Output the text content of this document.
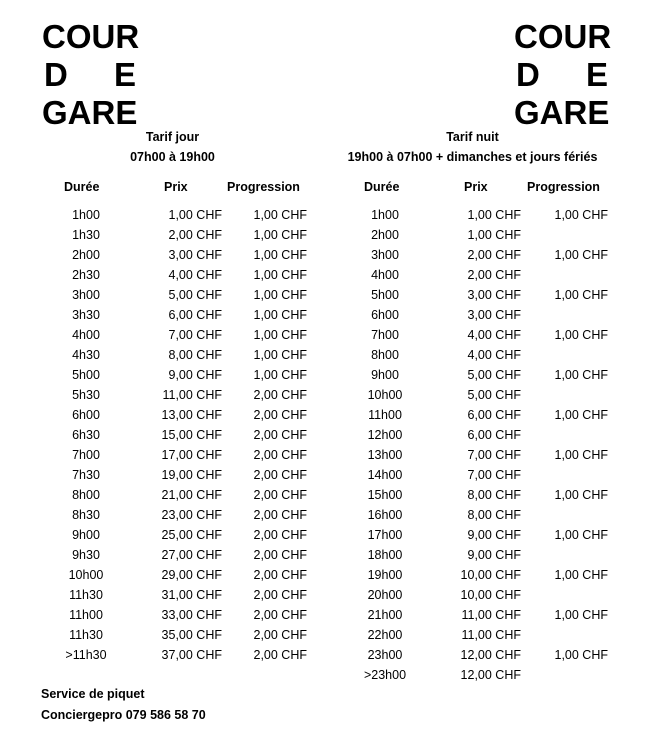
COUR
D E
GARE
COUR
D E
GARE
Tarif jour
07h00 à 19h00
Tarif nuit
19h00 à 07h00 + dimanches et jours fériés
Durée	Prix	Progression	Durée	Prix	Progression
1h00	1,00 CHF	1,00 CHF
1h30	2,00 CHF	1,00 CHF
2h00	3,00 CHF	1,00 CHF
2h30	4,00 CHF	1,00 CHF
3h00	5,00 CHF	1,00 CHF
3h30	6,00 CHF	1,00 CHF
4h00	7,00 CHF	1,00 CHF
4h30	8,00 CHF	1,00 CHF
5h00	9,00 CHF	1,00 CHF
5h30	11,00 CHF	2,00 CHF
6h00	13,00 CHF	2,00 CHF
6h30	15,00 CHF	2,00 CHF
7h00	17,00 CHF	2,00 CHF
7h30	19,00 CHF	2,00 CHF
8h00	21,00 CHF	2,00 CHF
8h30	23,00 CHF	2,00 CHF
9h00	25,00 CHF	2,00 CHF
9h30	27,00 CHF	2,00 CHF
10h00	29,00 CHF	2,00 CHF
11h30	31,00 CHF	2,00 CHF
11h00	33,00 CHF	2,00 CHF
11h30	35,00 CHF	2,00 CHF
>11h30	37,00 CHF	2,00 CHF
1h00	1,00 CHF	1,00 CHF
2h00	1,00 CHF
3h00	2,00 CHF	1,00 CHF
4h00	2,00 CHF
5h00	3,00 CHF	1,00 CHF
6h00	3,00 CHF
7h00	4,00 CHF	1,00 CHF
8h00	4,00 CHF
9h00	5,00 CHF	1,00 CHF
10h00	5,00 CHF
11h00	6,00 CHF	1,00 CHF
12h00	6,00 CHF
13h00	7,00 CHF	1,00 CHF
14h00	7,00 CHF
15h00	8,00 CHF	1,00 CHF
16h00	8,00 CHF
17h00	9,00 CHF	1,00 CHF
18h00	9,00 CHF
19h00	10,00 CHF	1,00 CHF
20h00	10,00 CHF
21h00	11,00 CHF	1,00 CHF
22h00	11,00 CHF
23h00	12,00 CHF	1,00 CHF
>23h00	12,00 CHF
Service de piquet
Conciergepro 079 586 58 70
